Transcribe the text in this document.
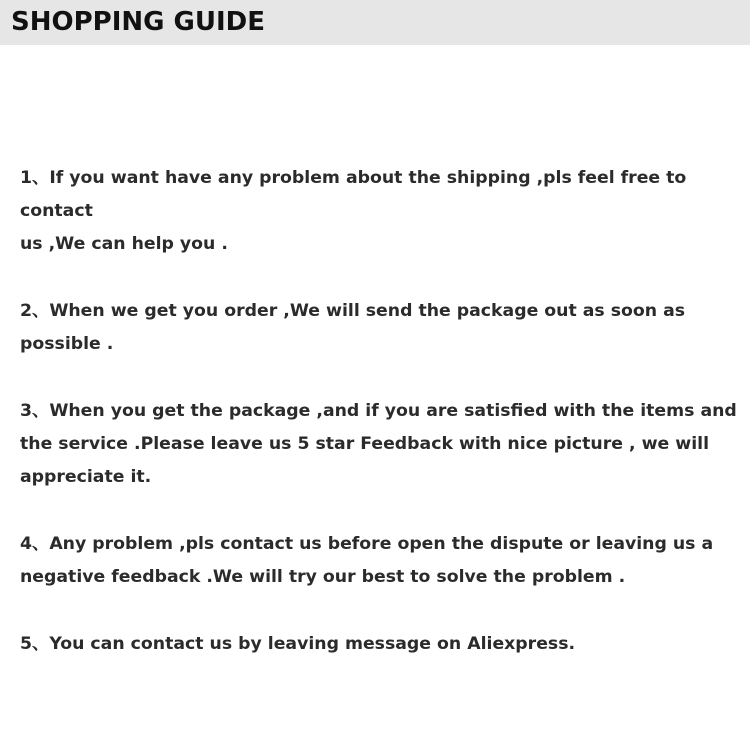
SHOPPING GUIDE
1、If you want have any problem about the shipping ,pls feel free to contact
us ,We can help you .
2、When we get you order ,We will send the package out as soon as possible .
3、When you get the package ,and if you are satisfied with the items and
the service .Please leave us 5 star Feedback with nice picture , we will
appreciate it.
4、Any problem ,pls contact us before open the dispute or leaving us a
negative feedback .We will try our best to solve the problem .
5、You can contact us by leaving message on Aliexpress.
